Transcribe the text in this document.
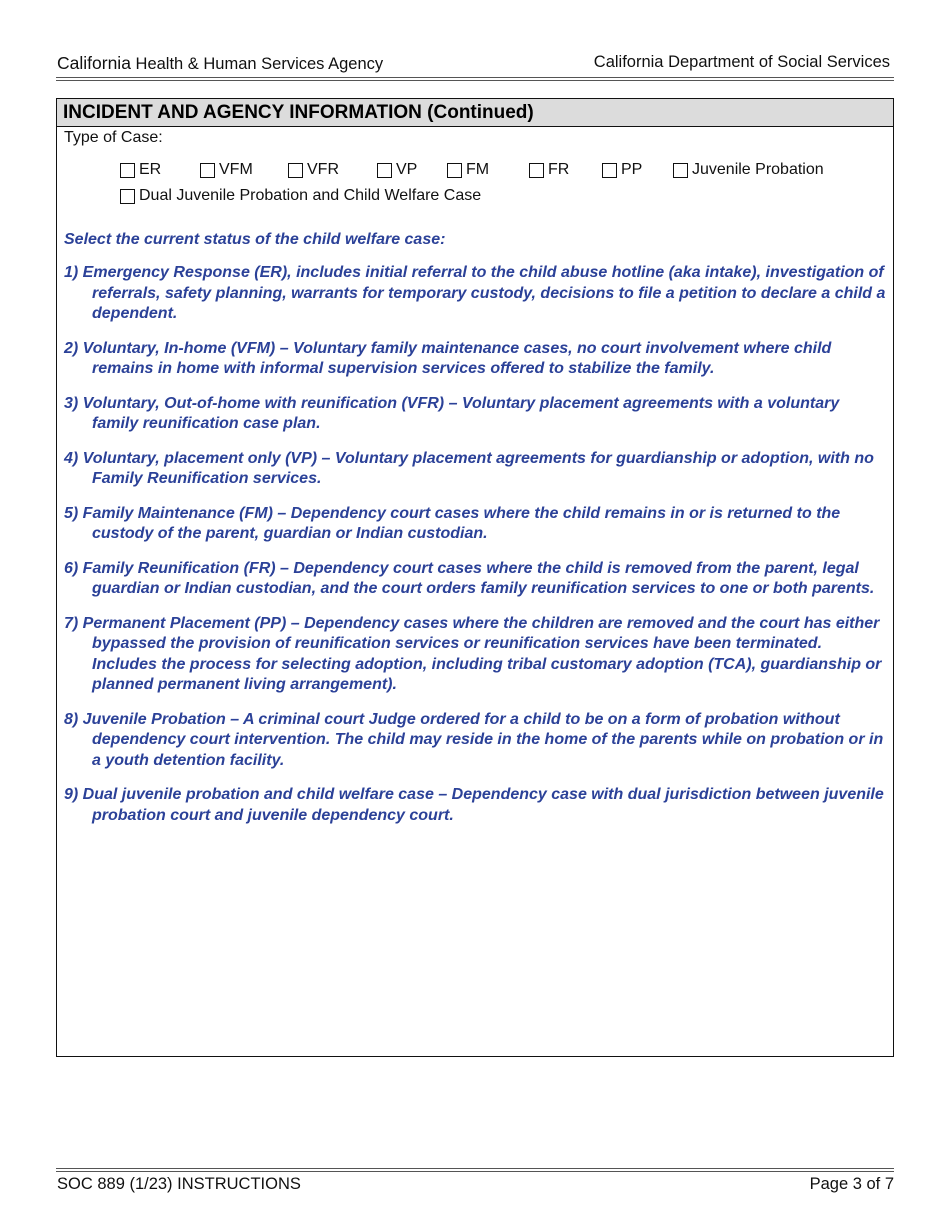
California Health & Human Services Agency	California Department of Social Services
INCIDENT AND AGENCY INFORMATION (Continued)
Type of Case:
ER	VFM	VFR	VP	FM	FR	PP	Juvenile Probation
Dual Juvenile Probation and Child Welfare Case
Select the current status of the child welfare case:
1) Emergency Response (ER), includes initial referral to the child abuse hotline (aka intake), investigation of referrals, safety planning, warrants for temporary custody, decisions to file a petition to declare a child a dependent.
2) Voluntary, In-home (VFM) – Voluntary family maintenance cases, no court involvement where child remains in home with informal supervision services offered to stabilize the family.
3) Voluntary, Out-of-home with reunification (VFR) – Voluntary placement agreements with a voluntary family reunification case plan.
4) Voluntary, placement only (VP) – Voluntary placement agreements for guardianship or adoption, with no Family Reunification services.
5) Family Maintenance (FM) – Dependency court cases where the child remains in or is returned to the custody of the parent, guardian or Indian custodian.
6) Family Reunification (FR) – Dependency court cases where the child is removed from the parent, legal guardian or Indian custodian, and the court orders family reunification services to one or both parents.
7) Permanent Placement (PP) – Dependency cases where the children are removed and the court has either bypassed the provision of reunification services or reunification services have been terminated. Includes the process for selecting adoption, including tribal customary adoption (TCA), guardianship or planned permanent living arrangement).
8) Juvenile Probation – A criminal court Judge ordered for a child to be on a form of probation without dependency court intervention. The child may reside in the home of the parents while on probation or in a youth detention facility.
9) Dual juvenile probation and child welfare case – Dependency case with dual jurisdiction between juvenile probation court and juvenile dependency court.
SOC 889 (1/23) INSTRUCTIONS	Page 3 of 7
